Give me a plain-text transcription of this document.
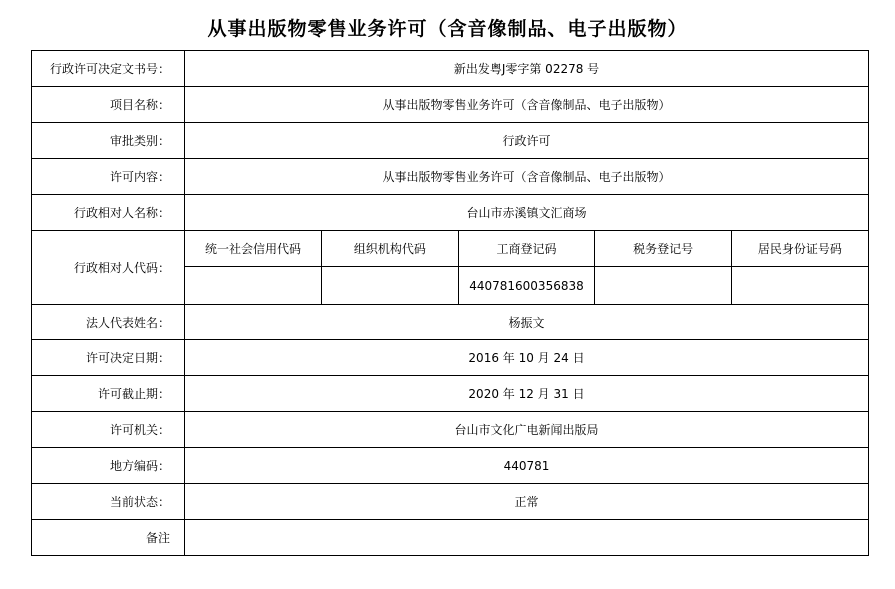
从事出版物零售业务许可（含音像制品、电子出版物）
行政许可决定文书号：	新出发粤J零字第 02278 号
项目名称：	从事出版物零售业务许可（含音像制品、电子出版物）
审批类别：	行政许可
许可内容：	从事出版物零售业务许可（含音像制品、电子出版物）
行政相对人名称：	台山市赤溪镇文汇商场
行政相对人代码：	
统一社会信用代码	组织机构代码	工商登记码	税务登记号	居民身份证号码
		440781600356838		

法人代表姓名：	杨振文
许可决定日期：	2016 年 10 月 24 日
许可截止期：	2020 年 12 月 31 日
许可机关：	台山市文化广电新闻出版局
地方编码：	440781
当前状态：	正常
备注	
